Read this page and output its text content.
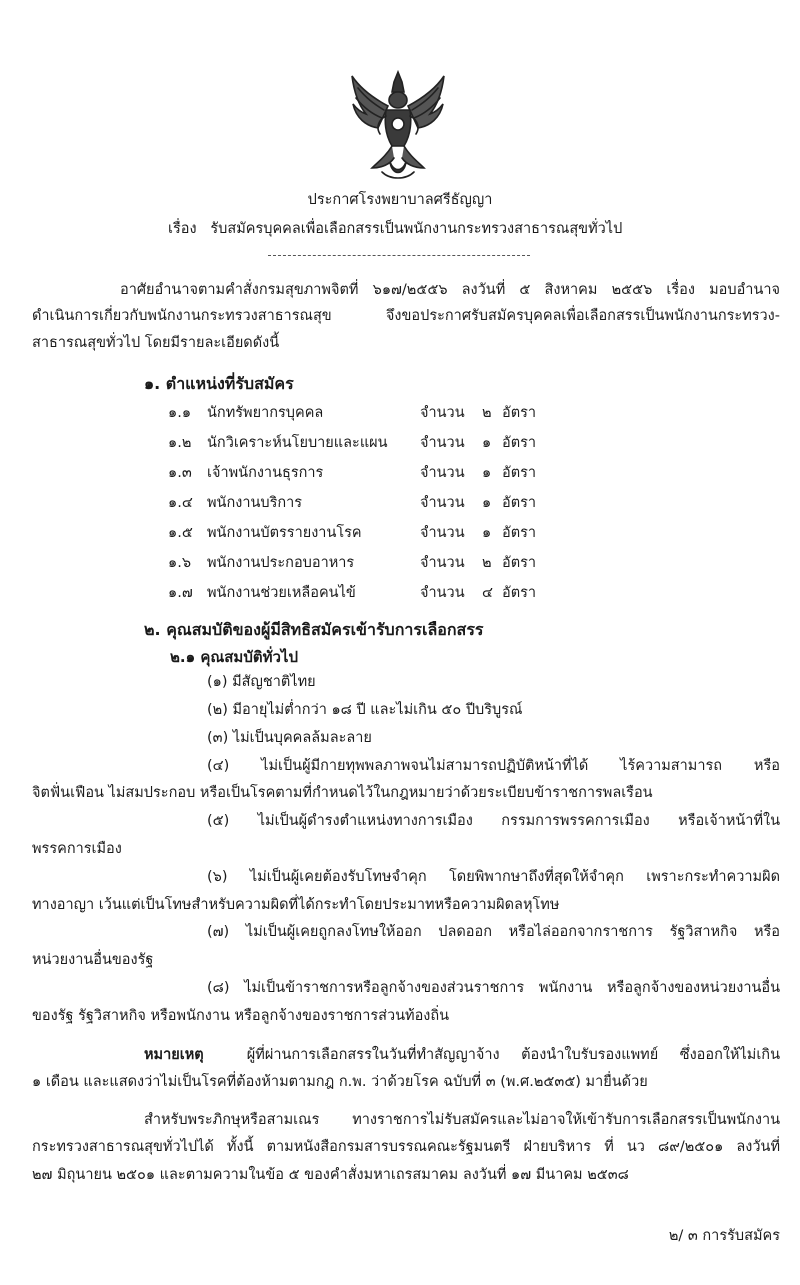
ประกาศโรงพยาบาลศรีธัญญา
เรื่อง รับสมัครบุคคลเพื่อเลือกสรรเป็นพนักงานกระทรวงสาธารณสุขทั่วไป
อาศัยอำนาจตามคำสั่งกรมสุขภาพจิตที่ ๖๑๗/๒๕๕๖ ลงวันที่ ๕ สิงหาคม ๒๕๕๖ เรื่อง มอบอำนาจ
ดำเนินการเกี่ยวกับพนักงานกระทรวงสาธารณสุข จึงขอประกาศรับสมัครบุคคลเพื่อเลือกสรรเป็นพนักงานกระทรวง-
สาธารณสุขทั่วไป โดยมีรายละเอียดดังนี้
๑. ตำแหน่งที่รับสมัคร
๑.๑ นักทรัพยากรบุคคล	จำนวน ๒ อัตรา
๑.๒ นักวิเคราะห์นโยบายและแผน จำนวน ๑ อัตรา
๑.๓ เจ้าพนักงานธุรการ	จำนวน ๑ อัตรา
๑.๔ พนักงานบริการ	จำนวน ๑ อัตรา
๑.๕ พนักงานบัตรรายงานโรค	จำนวน ๑ อัตรา
๑.๖ พนักงานประกอบอาหาร	จำนวน ๒ อัตรา
๑.๗ พนักงานช่วยเหลือคนไข้	จำนวน ๔ อัตรา
๒. คุณสมบัติของผู้มีสิทธิสมัครเข้ารับการเลือกสรร
๒.๑ คุณสมบัติทั่วไป
(๑) มีสัญชาติไทย
(๒) มีอายุไม่ต่ำกว่า ๑๘ ปี และไม่เกิน ๕๐ ปีบริบูรณ์
(๓) ไม่เป็นบุคคลล้มละลาย
(๔) ไม่เป็นผู้มีกายทุพพลภาพจนไม่สามารถปฏิบัติหน้าที่ได้ ไร้ความสามารถ หรือ
จิตฟั่นเฟือน ไม่สมประกอบ หรือเป็นโรคตามที่กำหนดไว้ในกฎหมายว่าด้วยระเบียบข้าราชการพลเรือน
(๕) ไม่เป็นผู้ดำรงตำแหน่งทางการเมือง กรรมการพรรคการเมือง หรือเจ้าหน้าที่ใน
พรรคการเมือง
(๖) ไม่เป็นผู้เคยต้องรับโทษจำคุก โดยพิพากษาถึงที่สุดให้จำคุก เพราะกระทำความผิด
ทางอาญา เว้นแต่เป็นโทษสำหรับความผิดที่ได้กระทำโดยประมาทหรือความผิดลหุโทษ
(๗) ไม่เป็นผู้เคยถูกลงโทษให้ออก ปลดออก หรือไล่ออกจากราชการ รัฐวิสาหกิจ หรือ
หน่วยงานอื่นของรัฐ
(๘) ไม่เป็นข้าราชการหรือลูกจ้างของส่วนราชการ พนักงาน หรือลูกจ้างของหน่วยงานอื่น
ของรัฐ รัฐวิสาหกิจ หรือพนักงาน หรือลูกจ้างของราชการส่วนท้องถิ่น
หมายเหตุ	ผู้ที่ผ่านการเลือกสรรในวันที่ทำสัญญาจ้าง ต้องนำใบรับรองแพทย์ ซึ่งออกให้ไม่เกิน
๑ เดือน และแสดงว่าไม่เป็นโรคที่ต้องห้ามตามกฎ ก.พ. ว่าด้วยโรค ฉบับที่ ๓ (พ.ศ.๒๕๓๕) มายื่นด้วย
สำหรับพระภิกษุหรือสามเณร ทางราชการไม่รับสมัครและไม่อาจให้เข้ารับการเลือกสรรเป็นพนักงาน
กระทรวงสาธารณสุขทั่วไปได้ ทั้งนี้ ตามหนังสือกรมสารบรรณคณะรัฐมนตรี ฝ่ายบริหาร ที่ นว ๘๙/๒๕๐๑ ลงวันที่
๒๗ มิถุนายน ๒๕๐๑ และตามความในข้อ ๕ ของคำสั่งมหาเถรสมาคม ลงวันที่ ๑๗ มีนาคม ๒๕๓๘
๒/ ๓ การรับสมัคร
